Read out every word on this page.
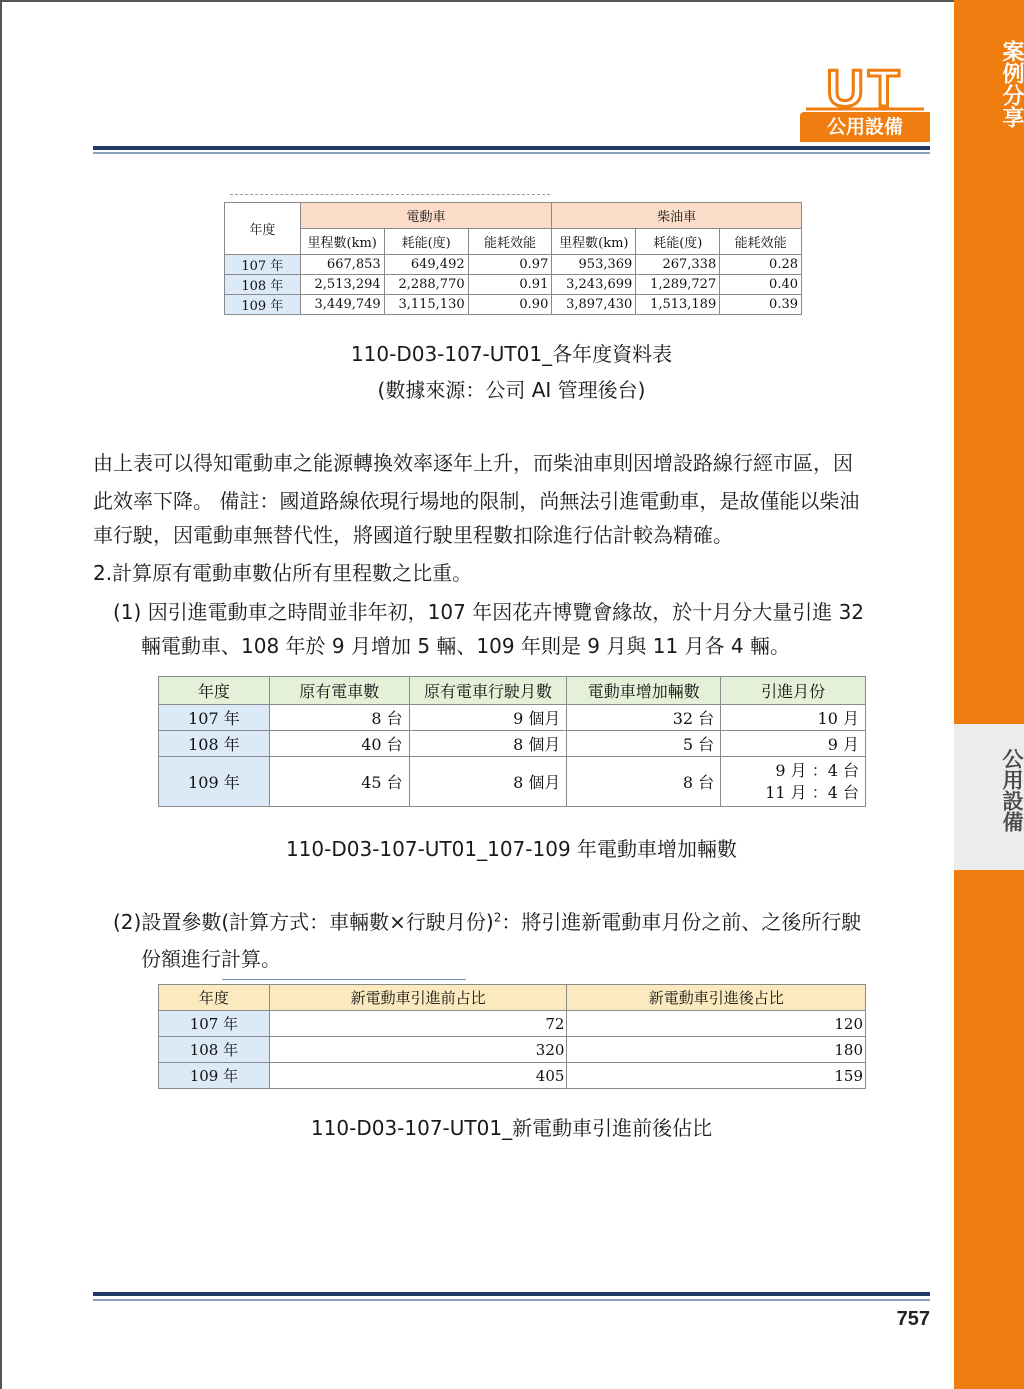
案例分享
公用設備
UT
公用設備
年度	電動車			柴油車		
	里程數(km)	耗能(度)	能耗效能	里程數(km)	耗能(度)	能耗效能
107 年	667,853	649,492	0.97	953,369	267,338	0.28
108 年	2,513,294	2,288,770	0.91	3,243,699	1,289,727	0.40
109 年	3,449,749	3,115,130	0.90	3,897,430	1,513,189	0.39
110-D03-107-UT01_各年度資料表
(數據來源：公司 AI 管理後台)
由上表可以得知電動車之能源轉換效率逐年上升，而柴油車則因增設路線行經市區，因
此效率下降。 備註：國道路線依現行場地的限制，尚無法引進電動車，是故僅能以柴油
車行駛，因電動車無替代性，將國道行駛里程數扣除進行估計較為精確。
2.計算原有電動車數佔所有里程數之比重。
(1) 因引進電動車之時間並非年初，107 年因花卉博覽會緣故，於十月分大量引進 32
輛電動車、108 年於 9 月增加 5 輛、109 年則是 9 月與 11 月各 4 輛。
年度	原有電車數	原有電車行駛月數	電動車增加輛數	引進月份
107 年	8 台	9 個月	32 台	10 月
108 年	40 台	8 個月	5 台	9 月
109 年	45 台	8 個月	8 台	9 月 ：4 台
11 月 ：4 台
110-D03-107-UT01_107-109 年電動車增加輛數
(2)設置參數(計算方式：車輛數×行駛月份)$^2$：將引進新電動車月份之前、之後所行駛
份額進行計算。
年度	新電動車引進前占比	新電動車引進後占比
107 年	72	120
108 年	320	180
109 年	405	159
110-D03-107-UT01_新電動車引進前後佔比
757
